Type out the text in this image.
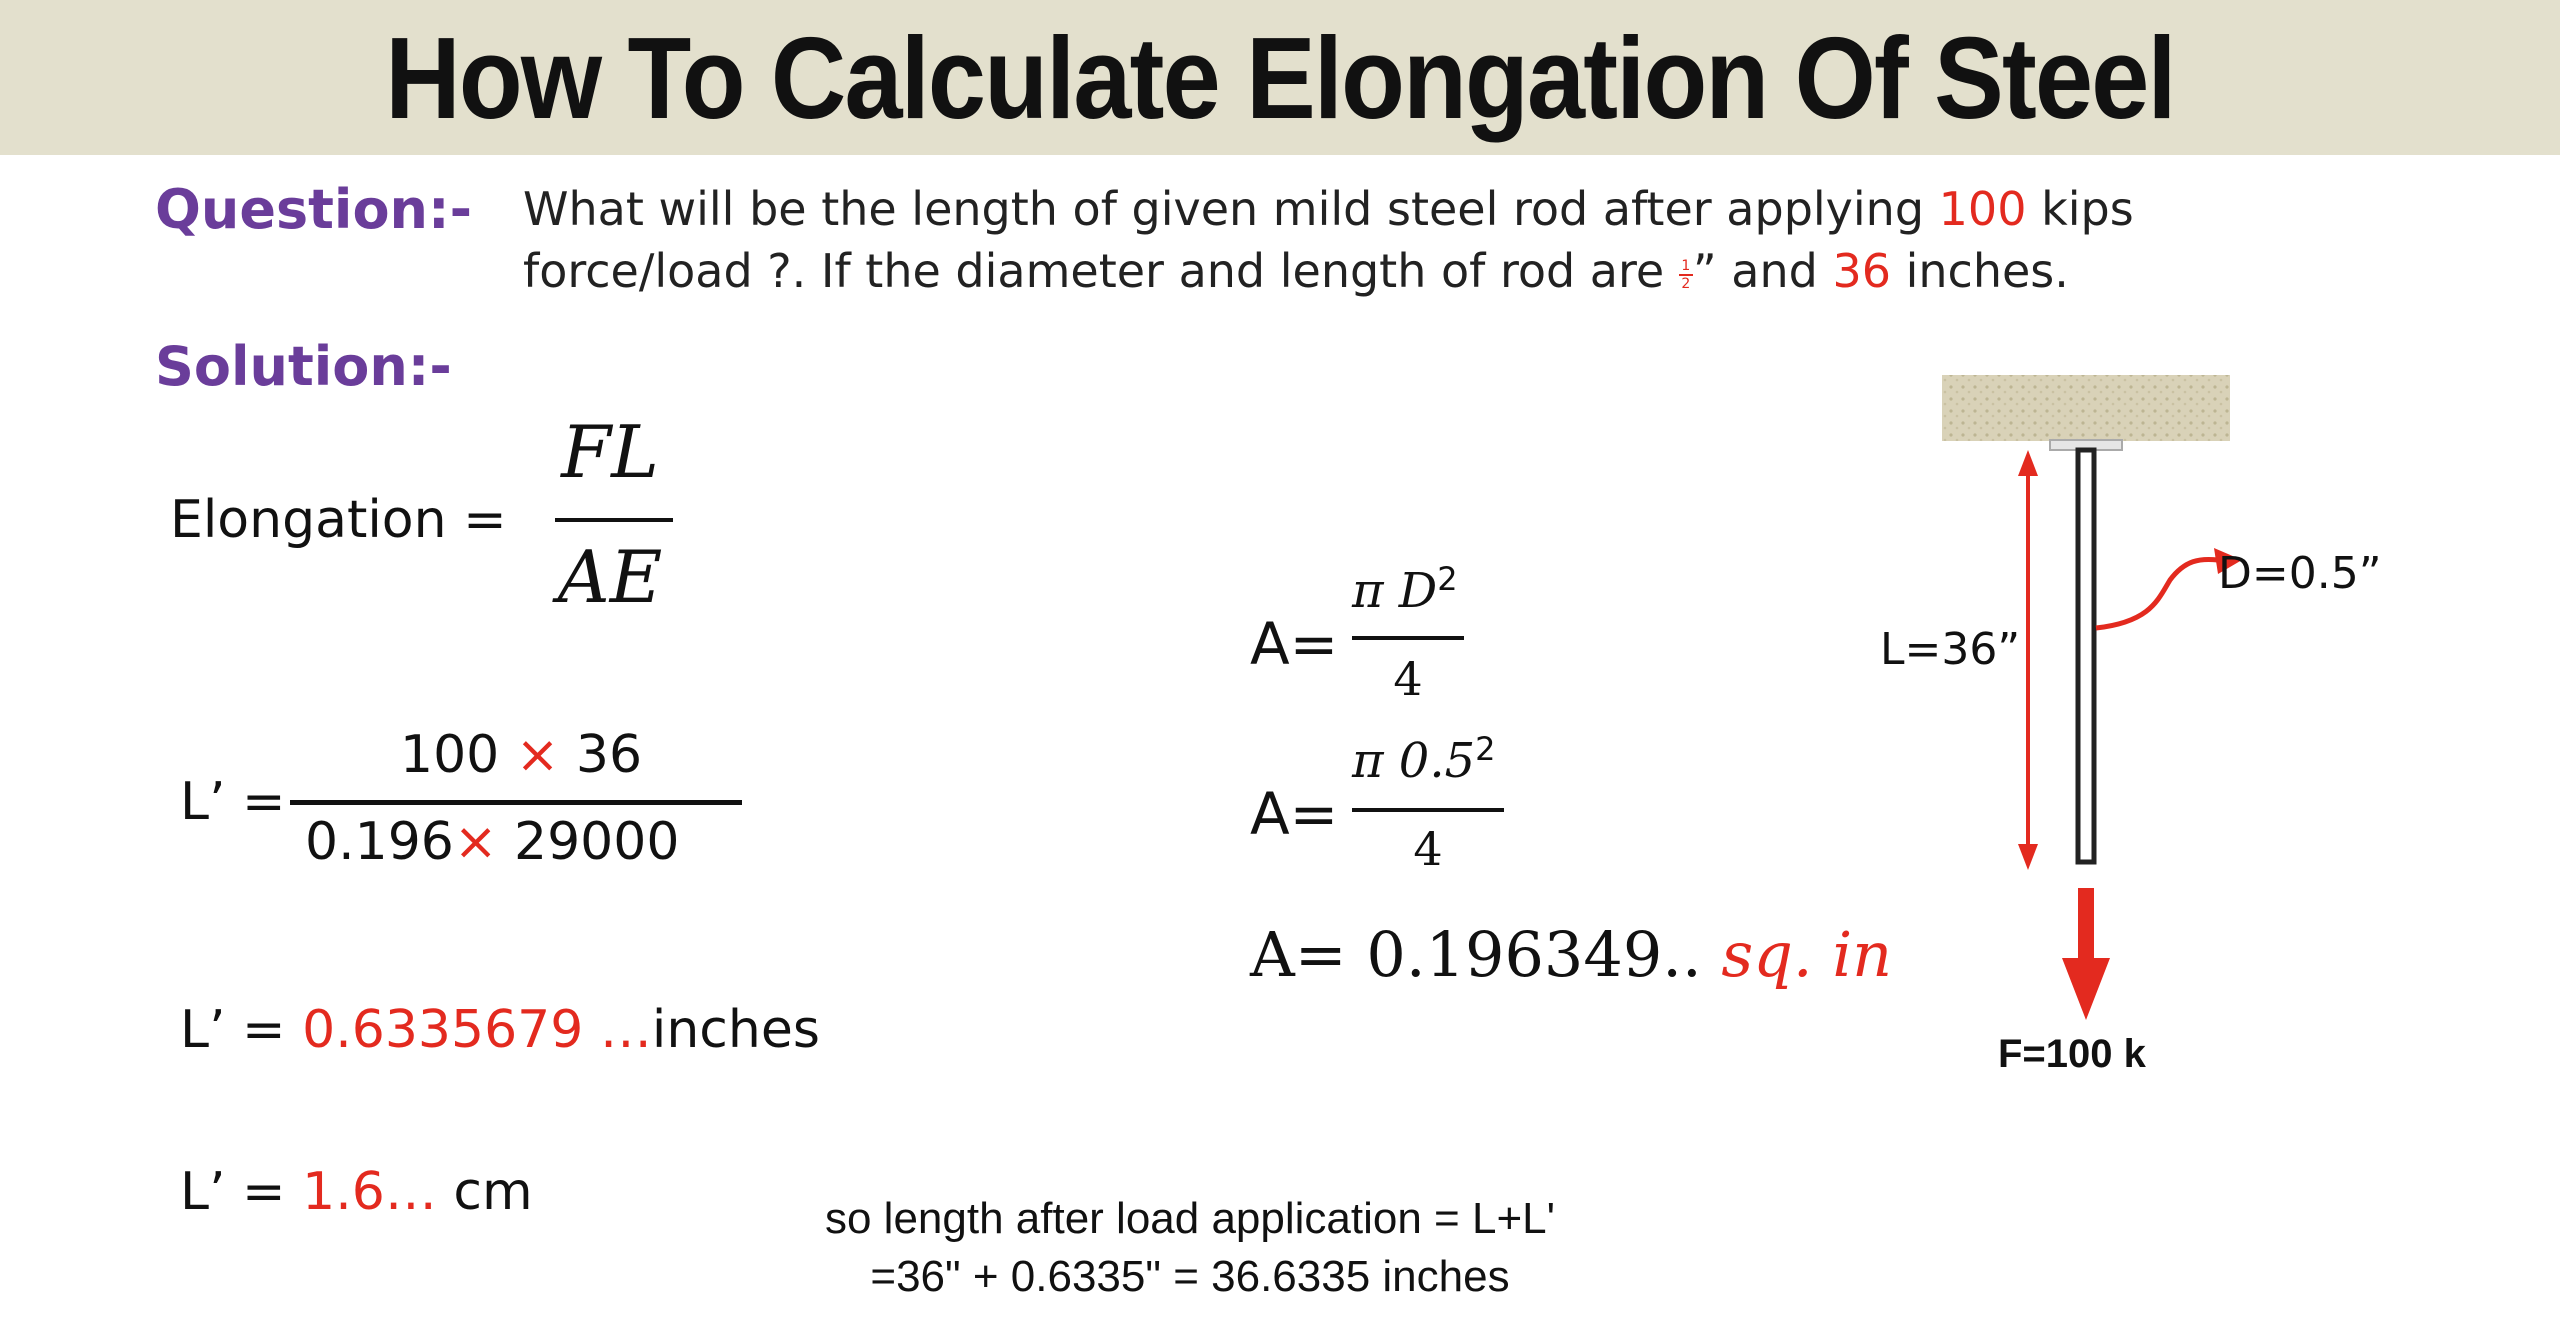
How To Calculate Elongation Of Steel
Question:- What will be the length of given mild steel rod after applying 100 kips
force/load ?. If the diameter and length of rod are $\frac{1}{2}$ ” and 36 inches.
Solution:-
Elongation =
FL
AE
L’ =
100 × 36
0.196× 29000
L’ = 0.6335679 …inches
L’ = 1.6… cm
A=
π $D^2$
4
A=
π $0.5^2$
4
A= 0.196349.. sq. in
L=36”
D=0.5”
F=100 k
so length after load application = L+L'
=36" + 0.6335" = 36.6335 inches
